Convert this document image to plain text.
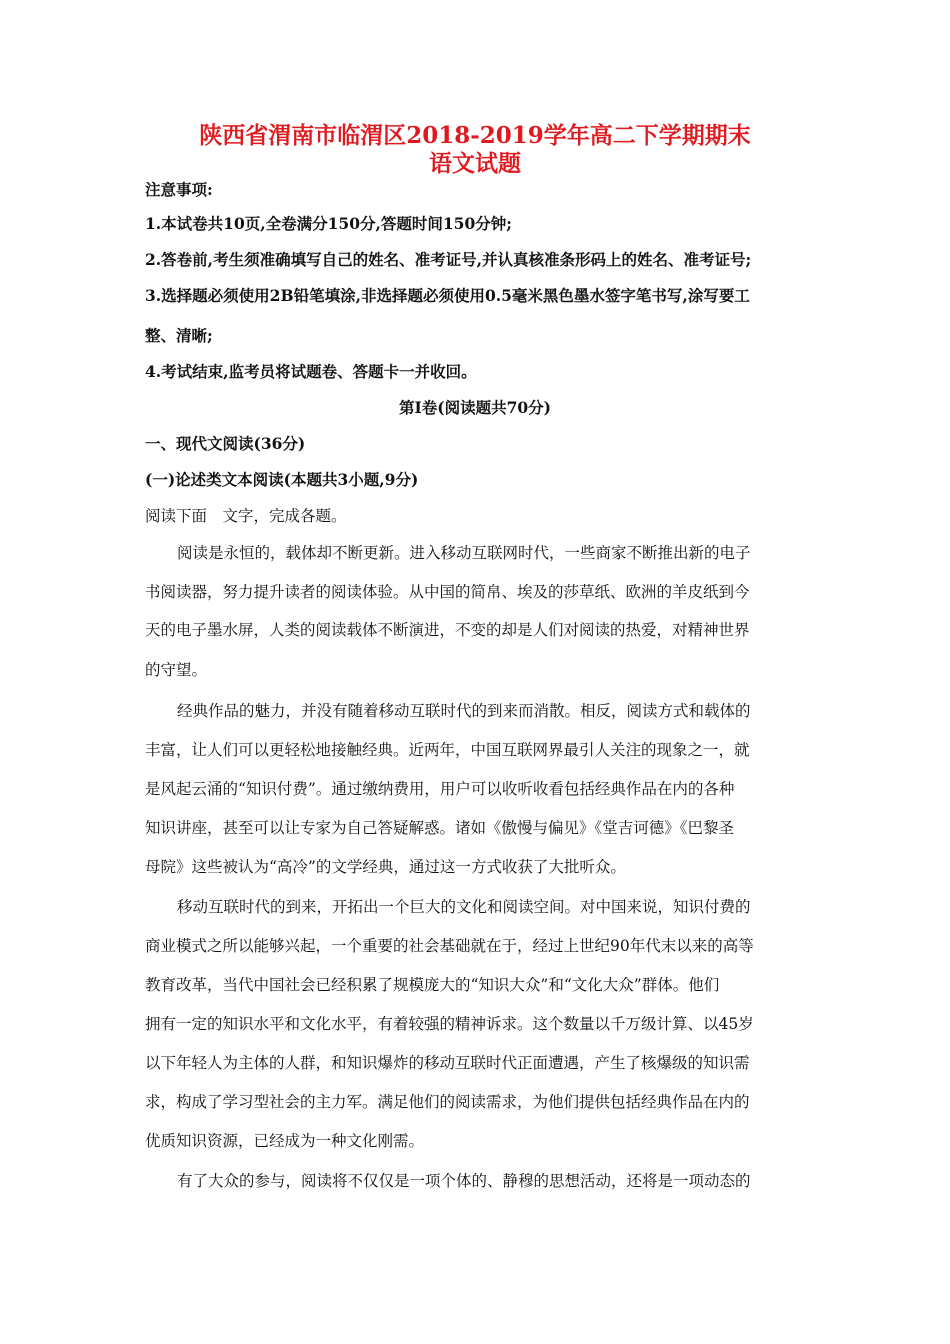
陕西省渭南市临渭区2018-2019学年高二下学期期末
语文试题
注意事项:
1.本试卷共10页,全卷满分150分,答题时间150分钟;
2.答卷前,考生须准确填写自己的姓名、准考证号,并认真核准条形码上的姓名、准考证号;
3.选择题必须使用2B铅笔填涂,非选择题必须使用0.5毫米黑色墨水签字笔书写,涂写要工
整、清晰;
4.考试结束,监考员将试题卷、答题卡一并收回。
第Ⅰ卷(阅读题共70分)
一、现代文阅读(36分)
(一)论述类文本阅读(本题共3小题,9分)
阅读下面　文字，完成各题。
阅读是永恒的，载体却不断更新。进入移动互联网时代，一些商家不断推出新的电子
书阅读器，努力提升读者的阅读体验。从中国的简帛、埃及的莎草纸、欧洲的羊皮纸到今
天的电子墨水屏，人类的阅读载体不断演进，不变的却是人们对阅读的热爱，对精神世界
的守望。
经典作品的魅力，并没有随着移动互联时代的到来而消散。相反，阅读方式和载体的
丰富，让人们可以更轻松地接触经典。近两年，中国互联网界最引人关注的现象之一，就
是风起云涌的“知识付费”。通过缴纳费用，用户可以收听收看包括经典作品在内的各种
知识讲座，甚至可以让专家为自己答疑解惑。诸如《傲慢与偏见》《堂吉诃德》《巴黎圣
母院》这些被认为“高冷”的文学经典，通过这一方式收获了大批听众。
移动互联时代的到来，开拓出一个巨大的文化和阅读空间。对中国来说，知识付费的
商业模式之所以能够兴起，一个重要的社会基础就在于，经过上世纪90年代末以来的高等
教育改革，当代中国社会已经积累了规模庞大的“知识大众”和“文化大众”群体。他们
拥有一定的知识水平和文化水平，有着较强的精神诉求。这个数量以千万级计算、以45岁
以下年轻人为主体的人群，和知识爆炸的移动互联时代正面遭遇，产生了核爆级的知识需
求，构成了学习型社会的主力军。满足他们的阅读需求，为他们提供包括经典作品在内的
优质知识资源，已经成为一种文化刚需。
有了大众的参与，阅读将不仅仅是一项个体的、静穆的思想活动，还将是一项动态的
